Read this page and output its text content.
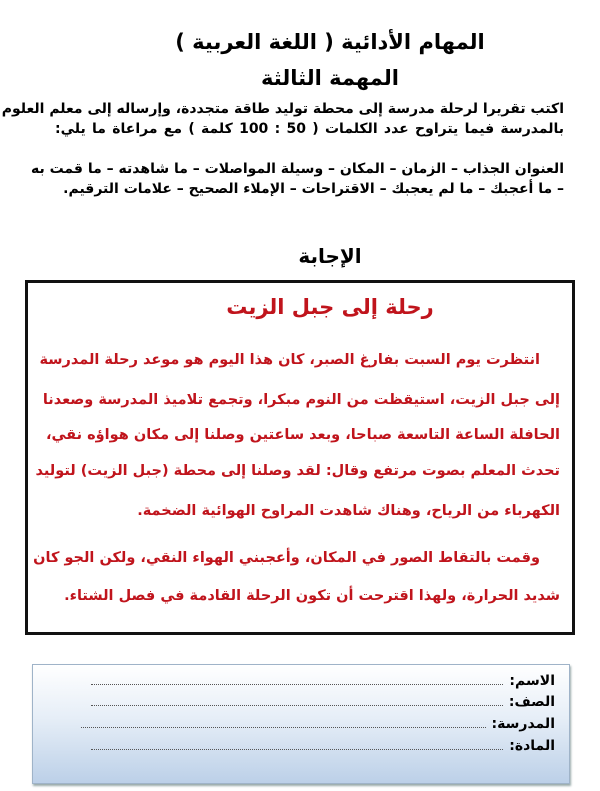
المهام الأدائية ( اللغة العربية )
المهمة الثالثة
اكتب تقريرا لرحلة مدرسة إلى محطة توليد طاقة متجددة، وإرساله إلى معلم العلوم
بالمدرسة فيما يتراوح عدد الكلمات ( 50 : 100 كلمة ) مع مراعاة ما يلي:
العنوان الجذاب – الزمان – المكان – وسيلة المواصلات – ما شاهدته – ما قمت به
– ما أعجبك – ما لم يعجبك – الاقتراحات – الإملاء الصحيح – علامات الترقيم.
الإجابة
رحلة إلى جبل الزيت
انتظرت يوم السبت بفارغ الصبر، كان هذا اليوم هو موعد رحلة المدرسة
إلى جبل الزيت، استيقظت من النوم مبكرا، وتجمع تلاميذ المدرسة وصعدنا
الحافلة الساعة التاسعة صباحا، وبعد ساعتين وصلنا إلى مكان هواؤه نقي،
تحدث المعلم بصوت مرتفع وقال: لقد وصلنا إلى محطة (جبل الزيت) لتوليد
الكهرباء من الرياح، وهناك شاهدت المراوح الهوائية الضخمة.
وقمت بالتقاط الصور في المكان، وأعجبني الهواء النقي، ولكن الجو كان
شديد الحرارة، ولهذا اقترحت أن تكون الرحلة القادمة في فصل الشتاء.
الاسم:
الصف:
المدرسة:
المادة:
